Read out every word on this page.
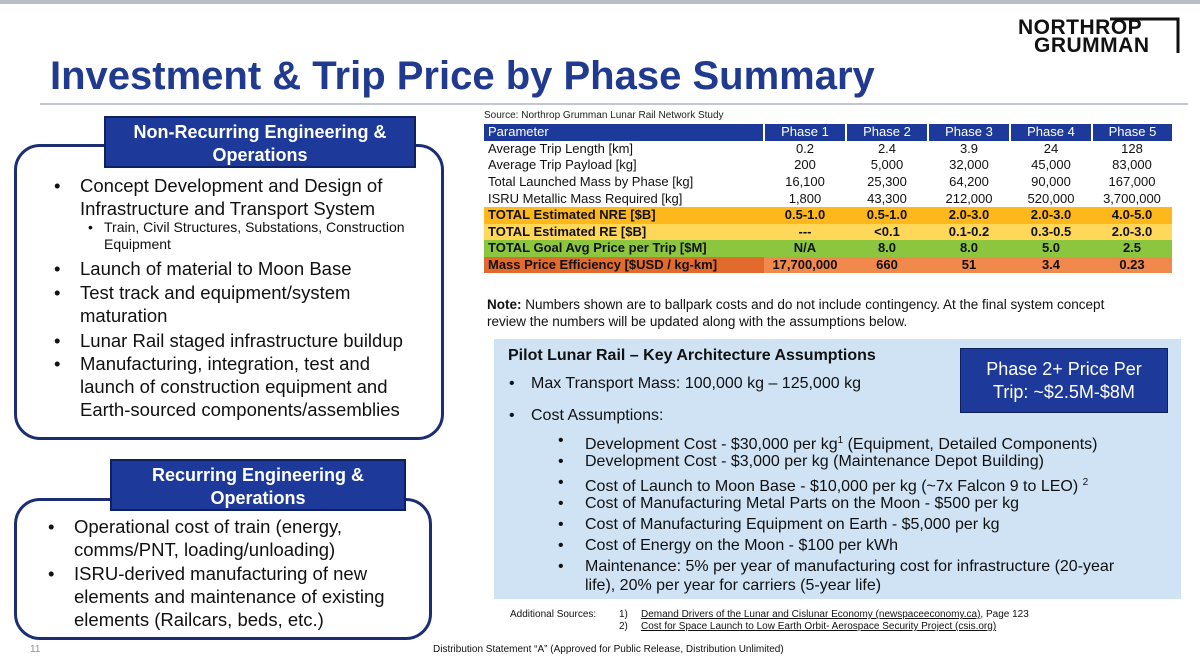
NORTHROP
GRUMMAN
Investment & Trip Price by Phase Summary
Non-Recurring Engineering &
Operations
• Concept Development and Design of
Infrastructure and Transport System
• Train, Civil Structures, Substations, Construction
Equipment
• Launch of material to Moon Base
• Test track and equipment/system
maturation
• Lunar Rail staged infrastructure buildup
• Manufacturing, integration, test and
launch of construction equipment and
Earth-sourced components/assemblies
Recurring Engineering &
Operations
• Operational cost of train (energy,
comms/PNT, loading/unloading)
• ISRU-derived manufacturing of new
elements and maintenance of existing
elements (Railcars, beds, etc.)
Source: Northrop Grumman Lunar Rail Network Study
Parameter	Phase 1	Phase 2	Phase 3	Phase 4	Phase 5
Average Trip Length [km]	0.2	2.4	3.9	24	128
Average Trip Payload [kg]	200	5,000	32,000	45,000	83,000
Total Launched Mass by Phase [kg]	16,100	25,300	64,200	90,000	167,000
ISRU Metallic Mass Required [kg]	1,800	43,300	212,000	520,000	3,700,000
TOTAL Estimated NRE [$B]	0.5-1.0	0.5-1.0	2.0-3.0	2.0-3.0	4.0-5.0
TOTAL Estimated RE [$B]	---	<0.1	0.1-0.2	0.3-0.5	2.0-3.0
TOTAL Goal Avg Price per Trip [$M]	N/A	8.0	8.0	5.0	2.5
Mass Price Efficiency [$USD / kg-km]	17,700,000	660	51	3.4	0.23
Note: Numbers shown are to ballpark costs and do not include contingency. At the final system concept
review the numbers will be updated along with the assumptions below.
Pilot Lunar Rail – Key Architecture Assumptions
Phase 2+ Price Per
Trip: ~$2.5M-$8M
• Max Transport Mass: 100,000 kg – 125,000 kg
• Cost Assumptions:
• Development Cost - $30,000 per $kg^1$ (Equipment, Detailed Components)
• Development Cost - $3,000 per kg (Maintenance Depot Building)
• Cost of Launch to Moon Base - $10,000 per kg (~7x Falcon 9 to LEO) $^2$
• Cost of Manufacturing Metal Parts on the Moon - $500 per kg
• Cost of Manufacturing Equipment on Earth - $5,000 per kg
• Cost of Energy on the Moon - $100 per kWh
• Maintenance: 5% per year of manufacturing cost for infrastructure (20-year
life), 20% per year for carriers (5-year life)
Additional Sources: 1) Demand Drivers of the Lunar and Cislunar Economy (newspaceeconomy.ca), Page 123
2) Cost for Space Launch to Low Earth Orbit- Aerospace Security Project (csis.org)
11	Distribution Statement “A” (Approved for Public Release, Distribution Unlimited)
